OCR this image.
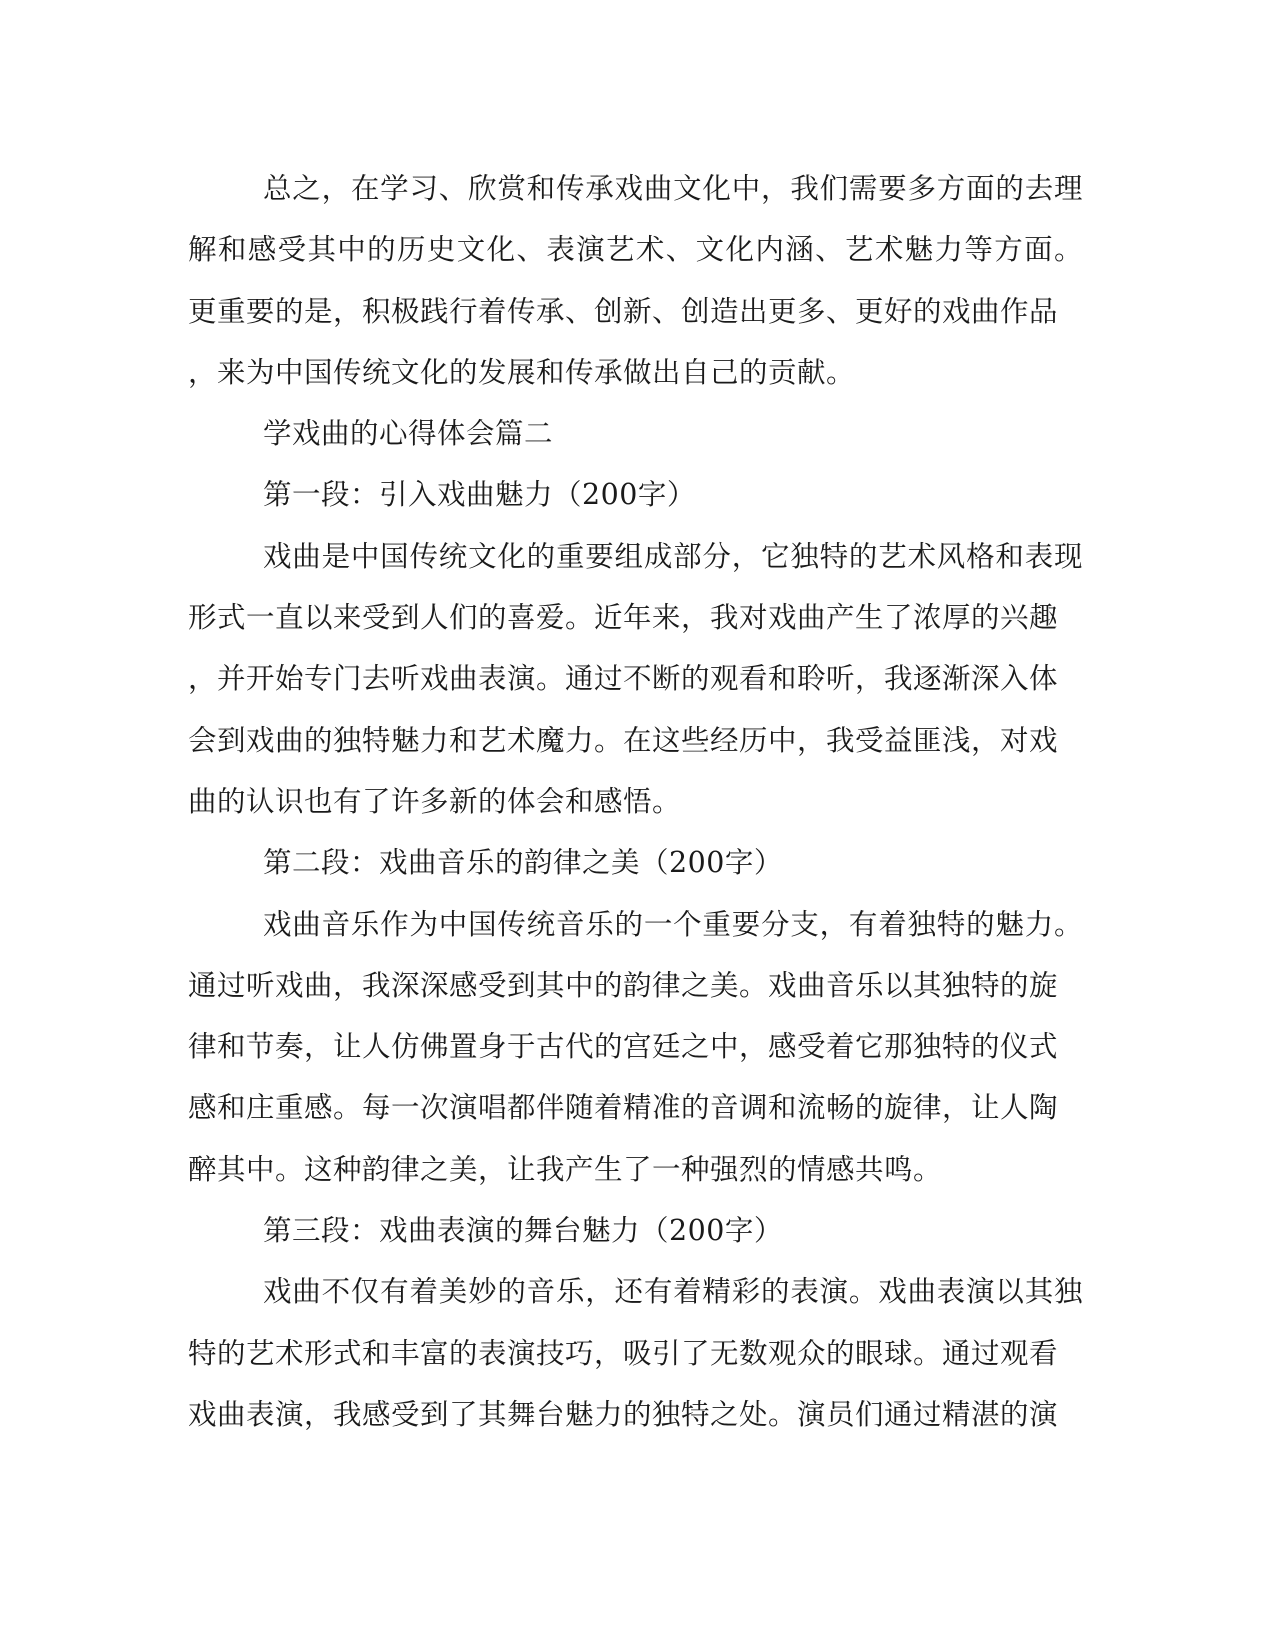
总之，在学习、欣赏和传承戏曲文化中，我们需要多方面的去理
解和感受其中的历史文化、表演艺术、文化内涵、艺术魅力等方面。
更重要的是，积极践行着传承、创新、创造出更多、更好的戏曲作品
，来为中国传统文化的发展和传承做出自己的贡献。
学戏曲的心得体会篇二
第一段：引入戏曲魅力（200字）
戏曲是中国传统文化的重要组成部分，它独特的艺术风格和表现
形式一直以来受到人们的喜爱。近年来，我对戏曲产生了浓厚的兴趣
，并开始专门去听戏曲表演。通过不断的观看和聆听，我逐渐深入体
会到戏曲的独特魅力和艺术魔力。在这些经历中，我受益匪浅，对戏
曲的认识也有了许多新的体会和感悟。
第二段：戏曲音乐的韵律之美（200字）
戏曲音乐作为中国传统音乐的一个重要分支，有着独特的魅力。
通过听戏曲，我深深感受到其中的韵律之美。戏曲音乐以其独特的旋
律和节奏，让人仿佛置身于古代的宫廷之中，感受着它那独特的仪式
感和庄重感。每一次演唱都伴随着精准的音调和流畅的旋律，让人陶
醉其中。这种韵律之美，让我产生了一种强烈的情感共鸣。
第三段：戏曲表演的舞台魅力（200字）
戏曲不仅有着美妙的音乐，还有着精彩的表演。戏曲表演以其独
特的艺术形式和丰富的表演技巧，吸引了无数观众的眼球。通过观看
戏曲表演，我感受到了其舞台魅力的独特之处。演员们通过精湛的演
